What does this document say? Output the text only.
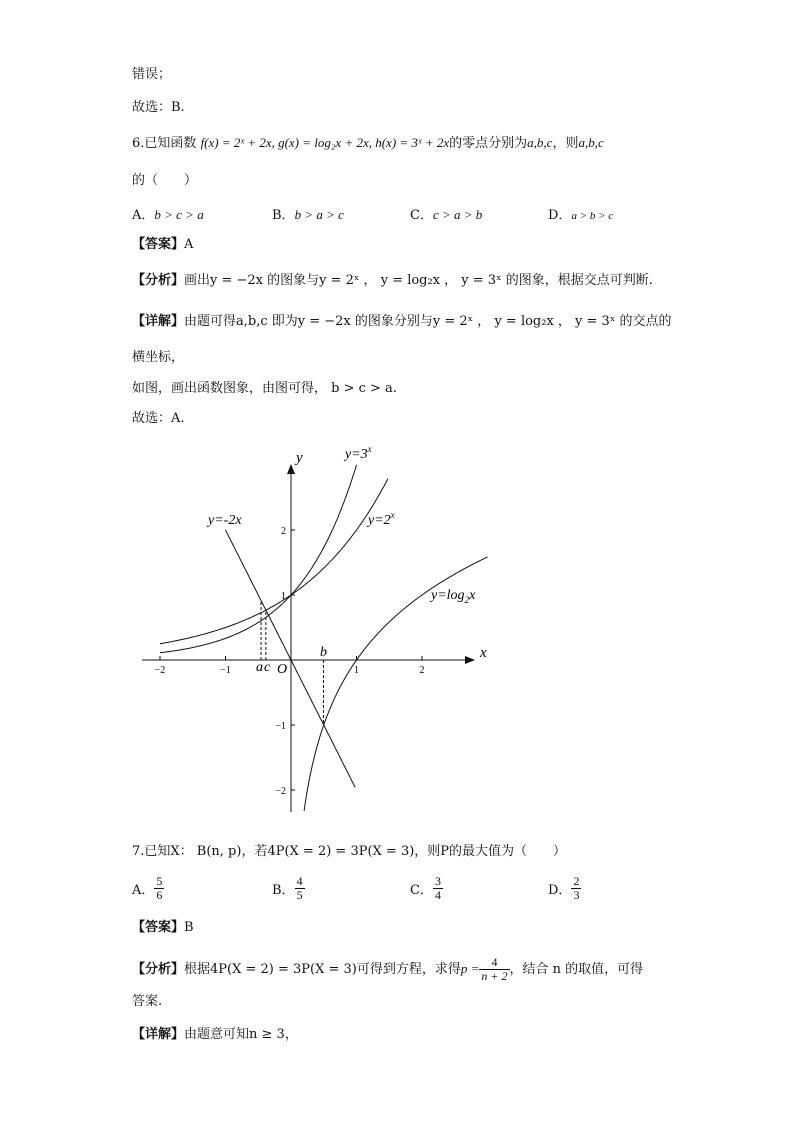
错误；
故选：B.
6.已知函数 f(x) = 2ˣ + 2x, g(x) = log₂x + 2x, h(x) = 3ˣ + 2x的零点分别为a,b,c，则a,b,c
的（　　）
A．b > c > a	B．b > a > c	C．c > a > b	D．a > b > c
【答案】A
【分析】画出y = −2x 的图象与y = 2ˣ ， y = log₂x ， y = 3ˣ 的图象，根据交点可判断.
【详解】由题可得a,b,c 即为y = −2x 的图象分别与y = 2ˣ ， y = log₂x ， y = 3ˣ 的交点的
横坐标，
如图，画出函数图象，由图可得， b > c > a.
故选：A.
−2	−1	1	2
2
1
−1
−2
y
x
O
y=-2x
$y=3^x$
$y=2^x$
$y=\log_2x$
a c
b
7.已知X： B(n, p)，若4P(X = 2) = 3P(X = 3)，则P的最大值为（　　）
A． $\frac{5}{6}$	B． $\frac{4}{5}$	C． $\frac{3}{4}$	D． $\frac{2}{3}$
【答案】B
【分析】根据4P(X = 2) = 3P(X = 3)可得到方程，求得$p = \frac{4}{n + 2}$ ，结合 n 的取值，可得
答案.
【详解】由题意可知n ≥ 3，
